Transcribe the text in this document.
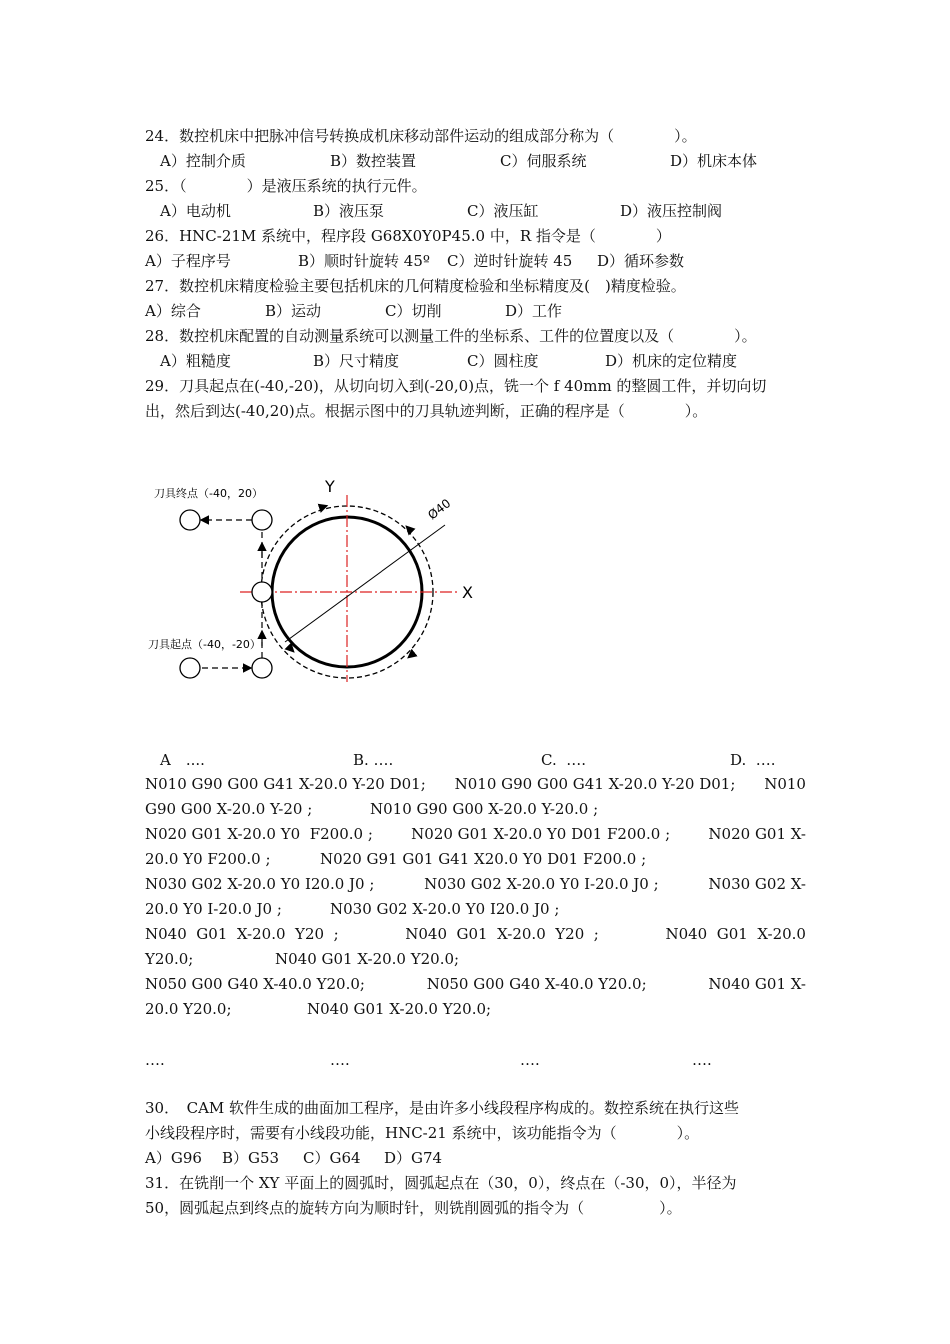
24．数控机床中把脉冲信号转换成机床移动部件运动的组成部分称为（　　　　）。
A）控制介质	B）数控装置	C）伺服系统	D）机床本体
25．（　　　　）是液压系统的执行元件。
A）电动机	B）液压泵	C）液压缸	D）液压控制阀
26．HNC-21M 系统中，程序段 G68X0Y0P45.0 中，R 指令是（　　　　）
A）子程序号	B）顺时针旋转 45º C）逆时针旋转 45 D）循环参数
27．数控机床精度检验主要包括机床的几何精度检验和坐标精度及(　)精度检验。
A）综合	B）运动	C）切削	D）工作
28．数控机床配置的自动测量系统可以测量工件的坐标系、工件的位置度以及（　　　　）。
A）粗糙度	B）尺寸精度	C）圆柱度	D）机床的定位精度
29．刀具起点在(-40,-20)，从切向切入到(-20,0)点，铣一个 f 40mm 的整圆工件，并切向切
出，然后到达(-40,20)点。根据示图中的刀具轨迹判断，正确的程序是（　　　　）。
Y
X
Ø40
刀具终点（-40，20）
刀具起点（-40，-20）
A　....	B. ….	C.  ….	D.  ….
N010 G90 G00 G41 X-20.0 Y-20 D01; N010 G90 G00 G41 X-20.0 Y-20 D01; N010
G90 G00 X-20.0 Y-20 ;	N010 G90 G00 X-20.0 Y-20.0 ;
N020 G01 X-20.0 Y0  F200.0 ;	N020 G01 X-20.0 Y0 D01 F200.0 ;	N020 G01 X-
20.0 Y0 F200.0 ;	N020 G91 G01 G41 X20.0 Y0 D01 F200.0 ;
N030 G02 X-20.0 Y0 I20.0 J0 ;	N030 G02 X-20.0 Y0 I-20.0 J0 ;	N030 G02 X-
20.0 Y0 I-20.0 J0 ;	N030 G02 X-20.0 Y0 I20.0 J0 ;
N040  G01  X-20.0  Y20  ;	N040  G01  X-20.0  Y20  ;	N040  G01  X-20.0
Y20.0;	N040 G01 X-20.0 Y20.0;
N050 G00 G40 X-40.0 Y20.0;	N050 G00 G40 X-40.0 Y20.0;	N040 G01 X-
20.0 Y20.0;	N040 G01 X-20.0 Y20.0;
….	….	….	….
30．　CAM 软件生成的曲面加工程序，是由许多小线段程序构成的。数控系统在执行这些
小线段程序时，需要有小线段功能，HNC-21 系统中，该功能指令为（　　　　）。
A）G96 B）G53 C）G64 D）G74
31．在铣削一个 XY 平面上的圆弧时，圆弧起点在（30，0），终点在（-30，0），半径为
50，圆弧起点到终点的旋转方向为顺时针，则铣削圆弧的指令为（　　　　　）。
